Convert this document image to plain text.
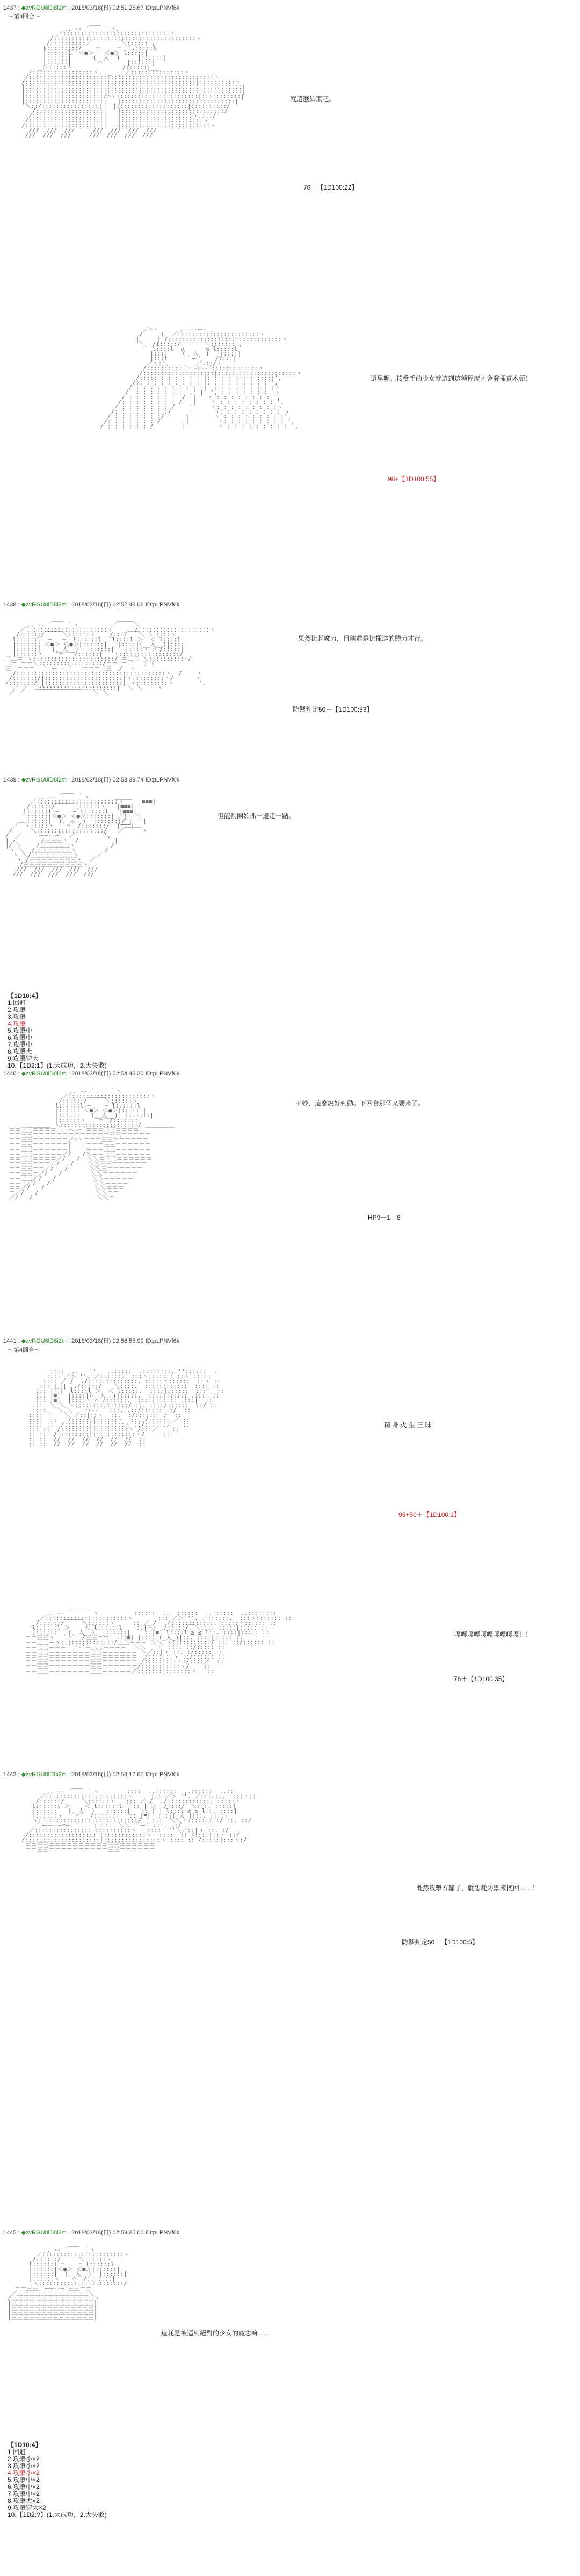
1437 : ◆zvRGU8lD8i2m : 2018/03/18(日) 02:51:26.67 ID:pLPNVf6k
〜第3回合〜

,. -‐ ´￣￣ ｀ヽ、
／::::::::::::::::::::::::::::::ヽ
/::::::::::::::::::::::::::::::::::::::::ヽ
/::::::::::／￣￣￣￣￣＼::::::',
l:::::::::/    ─     ─  ',:::::l
|::::::l  ＜●＞   ＜●＞ l:::::|
|::::::|      (__人__)     |::::::|
|::::::|      ｀⌒´      |::::::|
＿_|::::::ヽ              /::::::|__
/:::::::::::::::::ヽ.＿_＿_ ／:::::::::::::::ヽ
/::::::::::::::::::::::::::::::::::::::::::::::::::::ヽ
/::::::|:::::::::::::::::::::::::::::::::::::::::|::::::::::ヽ
|::::::|::::::::::::::::::::::::::::::::::::::::::|:::::::::::|
|::::::|::::::::::::::::::::::::::::::::::::::::::|:::::::::::|
|::::::|:::::::::::::::/⌒ヽ:::::::::::::::::::::::|:::::::::::|
|::::::|:::::::::::::::|   |::::::::::::::::::::|:::::::::::|
＼::/::::::::::::::::|   |::::::::::::::::::::|::::::::::/
/:::::::::::::::::::|   |::::::::::::::::::::|::::::::/
/::::::::::::::::::::|   |::::::::::::::::::::ヽ::::/
/:::::::::::::::::::::|   |:::::::::::::::::::::::ヽ
/::::::::::::::::::::::|   |:::::::::::::::::::::::::ヽ
///  ///  ///     ///  ///  ///  ///
///  ///  ///     ///  ///  ///  ///

就這麼結束吧。
76＋【1D100:22】

／⌒ヽ      ,. -‐ー- 、
/     l  ／:::::::::::::::::::::::ヽ
|     | /::::::::::::::::::::::::::::::::ヽ
＼  /l:::::/￣￣￣￣＼:::::::',
｀ l::::l  ≧      ≦ l:::::l
|:::|    (__人__)   |::::|
|:::l     ｀ー'    /::::|
／ヽ:＼        ／:::/ヽ
/::::::::::｀ー‐r‐‐´:::::::::::::ヽ
/::::::::::::::::::::|::::::::::::::::::::::ヽ
/::::: : : : : : : |: : : : : : : :::::',
/:: : : : : : : : : |: : : : : : : : : ',
/ : : : : : : : : :  |  : : : : : : : : :ヽ
/  : : : : : : :  ,' |  ', : : : : : : :  ヽ
/ : : : : : : :  /  |   ヽ : : : : : : : : ',
/: : : : : : : : /   |    ヽ : : : : : : : : ',
/ : : : : : : : /    |     ヽ: : : : : : : : :ヽ
/: : : : : : : :/     |      ヽ: : : : : : : : : ヽ
/ : : : : : : :/      |       ヽ : : : : : : : : :',
/: : : : : : : /       |        ヽ: : : : : : : : : ',
/ : : : : : : /        |         ヽ : : : : : : : : : ',

還早呢。接受手的少女就這到這種程度才會發揮真本領！
98+【1D100:55】
1438 : ◆zvRGU8lD8i2m : 2018/03/18(日) 02:52:49.06 ID:pLPNVf6k

,. -‐ ´￣￣ ｀ヽ         ／￣￣￣＼
／:::::::::::::::::::::::ヽ      /::::::::::::::::::::ヽ
/::::::/￣￣￣＼::::::ヽ    /:::/￣￣＼:::::::ヽ
l::::::l  ─   ─  l::::::l   l::::l ＞  ＜ l::::l
|::::::| ＜●＞ ＜●＞|::::::|   |::::|(__人__)|::::|
|::::::|   (__人__)  |::::::|   |::::ヽ ⌒ /:::::|
|::::::ヽ   ｀⌒´  /::::::|   ヽ:::::::::::::::::/
三二＝ ヽ:::::::::::::::::::::::/ ＝二三 ＼:::::::::::/
二＝ ＝＝＼::::::::::::::::::/＝＝ ＝二   ) (
三二＝＝＝  ｀ ー ‐ ´   ＝＝＝二三  /  ヽ
/::::::::::::::::::::::::::::::::::::::::::ヽ  /    ヽ
/:::::::/|::::::::::::::::::::::|ヽ:::::::::ヽ/      ヽ
/:::::::/ |::::::::::::::::::::::| ヽ:::::::::ヽ       ',
／ ／  |::::::::::::::::::::::|  ＼ ＼    ヽ
／ ／   ￣￣￣￣￣￣￣￣   ＼ ＼

果然比起魔力，目前還是比揮達的體力才行。
防禦判定50＋【1D100:53】
1439 : ◆zvRGU8lD8i2m : 2018/03/18(日) 02:53:39.74 ID:pLPNVf6k

,. -‐ ´￣￣ ｀ヽ       ＿＿＿
／:::::::::::::::::::::::ヽ    |≡≡≡|
/::::::/￣￣￣＼::::::ヽ   |≡≡≡|
l::::::l ─    ─ l::::::l   |≡≡≡|
|::::::|＜●＞ ＜●＞|::::::| ／|≡≡≡|
|::::::|  (__人__)  |::::::|/ |≡≡≡|
／￣ヽ:::::ヽ  ｀⌒´ /:::::::/  |≡≡≡|
/     ＼:::::::::::::::::::/   ／￣￣￣ヽ
/  ／   ｀ー─‐‐─´  ／        ',
| /       /三三三ヽ  /          |
|/ ＼    /三三三三三ヽ          /
ヽ ＼  /三三三三三三ヽ        /
ヽ ＼/三三三三三三三ヽ     ／
ヽ /三三三三三三三三ヽ  ／
/三三三三三三三三三三ヽ
///  ///  ///  ///  ///
///  ///  ///  ///  ///

但能夠開始抓一邊走一點。
【1D10:4】
1.回避
2.攻擊
3.攻擊
4.攻擊
5.攻擊中
6.攻擊中
7.攻擊中
8.攻擊大
9.攻擊特大
10.【1D2:1】(1.大成功，2.大失敗)
1440 : ◆zvRGU8lD8i2m : 2018/03/18(日) 02:54:48.30 ID:pLPNVf6k

,. -‐ ´￣￣ ｀ヽ
／:::::::::::::::::::::::ヽ
/::::::/￣￣￣＼::::::ヽ
l::::::l ─    ─ l::::::l
|::::::|＜●＞ ＜●＞|::::::|
|::::::|  (__人__)  |::::::|
|::::::ヽ  ｀⌒´ /:::::::|
＿＿＿＿ ヽ::::::::::::::::::::::/ ＿＿＿＿＿
＝＝三三＝＝＝＝｀ー─‐‐─´＝＝＝三三＝＝＝＝
＝＝三三＝＝＝＝＝＝＝＝＝＝＝＝＝三三＝＝＝＝＝
＝＝三三＝＝＝＝＝＝／⌒ヽ＝＝＝三三＝＝＝＝＝＝
＝＝三三＝＝＝＝＝＝|   |＝＝＝三三＝＝＝＝＝＝
＝＝三三＝＝＝＝＝＝|   |＝＝＝三三＝＝＝＝＝＝
＝＝三三＝＝＝＝＝／/   /＼＝＝三三＝＝＝＝＝＝
＝＝三三＝＝＝＝／/   /  ＼＼＝三三＝＝＝＝＝＝
＝＝三三＝＝＝／/   /    ＼＼三三＝＝＝＝＝＝
＝＝三三＝＝／/   /      ＼＼三＝＝＝＝＝＝
＝＝三三＝／/   /        ＼＼＝＝＝＝＝＝
＝＝三三／/   /          ＼＼＝＝＝＝＝
＝＝三／/   /            ＼＼＝＝＝＝
＝＝／/   /              ＼＼＝＝＝
＝／/   /                ＼＼＝＝
／/   /                  ＼＼＝

不妙，這麼說好到動。下回合那個又要來了。
HP9－1＝8
1441 : ◆zvRGU8lD8i2m : 2018/03/18(日) 02:56:55.99 ID:pLPNVf6k
〜第4回合〜

::::  ..   ''   ..:::::  .::::::::. ''::::::  ..
:::: ／＞ ''. ／::::::.  :::ヽ::::::: ::ヽ :::::
:::: ／ /  ./::::::::::::::. :::::ヽ::::::  ::ヽ ::
::: |三| ../:::::/￣￣＼::::.  :::::|::::::  :::| ::
::: |三|  l::::l ＞  ＜ l:::::.  ::::|::::::  :::|  ::
::: |≡|  |::::|(__人__)|:::::.  ::::|:::::: .:::| ::
::: |≡|  |::::ヽ ⌒ /::::::.  ::::|:::::: .:::|  ::
:::  ＼ ＼ ヽ:::::::::::::::/ ::. ::::/::::::  ::/ ::
::::   ＼ ＼ ｀ーr-‐ ´ :::. .::/:::::: .:/  ::
:::: ''   ＼ ／::|::ヽ  ::.  :/::::::  /  ::
::::  ::   /::::::|::::::ヽ  ::../:::::: ／ ::
:::: ::  /:::::::|:::::::::ヽ ::/::::::／   ::
::: ::  /::::::::|::::::::::ヽ /:::／    ::
:: ::  /:::::::::|::::::::::::ヽ/     ::
:: ::  //  //  //  //  //  //  ::
:: ::  //  //  //  //  //  //  ::

精 身 火 生 三 昧！
93+50＋【1D100:1】

,. -‐ ´￣￣ ｀ヽ          ::::::  ..  ::::::  ..::::::  ..::::::::
／:::::::::::::::::::::::ヽ       ::: ／＞ ''. ／::::::.  :::ヽ::::::: ::
/::::::/￣￣￣＼::::::ヽ     :: ／ /  ./::::::::::::. :::::ヽ:::::: ::
l::::::l ＞    ＜ l::::::l    ::|三| ./:::::/￣＼:::. :::::|::::: ::
|::::::|  (__人__)  |::::::|    ::|≡| l::::l ≧ ≦ l::. ::::|::::: ::
＝＝三三ヽ  ｀⌒´  /三三＝＝  ::|≡| |::::|(_人_)|::. ::::|::::: ::
＝＝三三＝ヽ:::::::::::::::/三三＝＝＝ ＼＼ ヽ:::::::::::/ ::. ::/:::::: ::
＝＝三三＝＝＝｀ー‐´＝三三＝＝＝＝  ＼＼ ｀ー´ :::. .:/::::: ::
＝＝三三＝＝＝＝＝＝＝三三＝＝＝＝＝＝ ＼／::|ヽ ::. :/::::: ::
＝＝三三＝＝＝＝＝＝＝三三＝＝＝＝＝＝  /::::|::ヽ ::/:::::: ::
＝＝三三＝＝＝＝＝＝＝三三＝＝＝＝＝＝ /:::::|:::ヽ:/::::／  ::
＝＝三三＝＝＝＝＝＝＝三三＝＝＝＝＝＝/::::::|::::ヽ/    ::
＝＝三三＝＝＝＝＝＝＝三三＝＝＝＝＝／:::::::|:::::::ヽ   ::

嘎嘎嘎嘎嘎嘎嘎嘎嘎嘎！！
76＋【1D100:35】
1443 : ◆zvRGU8lD8i2m : 2018/03/18(日) 02:58:17.60 ID:pLPNVf6k

,. -‐ ´￣￣ ｀ヽ        ::::  ..::::::  ..::::::  ..::
／:::::::::::::::::::::::ヽ     ::: ／＞ ''. ／::::::.  :::ヽ::
/::::::/￣￣￣＼::::::ヽ   ::: ／ /  ./::::::::::::. :::::ヽ
l::::::l ＞    ＜ l::::::l   :: |三| ./::::/￣＼:::. :::::|
|::::::|  (__人__)  |::::::|   :: |≡| l:::l ≧ ≦ l::. ::::|
|::::::ヽ  ｀⌒´  /::::::|   :: |≡| |:::|(_人_)|::. ::::|
ヽ::::::::::::::::::::::::::::/   :::  ＼＼ヽ:::::::::/ ::. ::/
｀ー─‐‐─r─‐ ´    ::::   ＼＼ ｀ー´ :::. .:/
／::::::::::::::::|::::::::::ヽ   ::::  ''＼／::|ヽ ::. :/
/:::::::::::::::::::|:::::::::::::ヽ  ::::  :: /::::|::ヽ ::/
/:::::::::::::::::::::|::::::::::::::::ヽ :::: :: /:::::|:::ヽ:/
＝＝三三＝＝＝＝＝＝＝＝＝＝三三＝＝＝＝＝＝
＝＝三三＝＝＝＝＝＝＝＝＝＝三三＝＝＝＝＝＝

既然攻擊方輸了，就想耗防禦來挽回……！
防禦判定50＋【1D100:5】
1445 : ◆zvRGU8lD8i2m : 2018/03/18(日) 02:59:25.00 ID:pLPNVf6k

,. -‐ ´￣￣ ｀ヽ
／:::::::::::::::::::::::ヽ
/::::::/￣￣￣＼::::::ヽ
l::::::l ─    ─ l::::::l
|::::::|＜●＞ ＜●＞|::::::|
|::::::|  (__人__)  |::::::|
|::::::ヽ  ｀⌒´ /:::::::|
ヽ::::::::::::::::::::::::/
＝＝三三｀ー─‐‐─´三三＝＝
／三三三三三三三三三三三三＼
/三三三三三三三三三三三三三三ヽ
|三三三三三三三三三三三三三三|
|三三三三三三三三三三三三三三|
|三三三三三三三三三三三三三三|
|三三三三三三三三三三三三三三|

這耗是被逼到絕對的少女的魔志嘛……
【1D10:4】
1.回避
2.攻擊小×2
3.攻擊小×2
4.攻擊小×2
5.攻擊中×2
6.攻擊中×2
7.攻擊中×2
8.攻擊大×2
9.攻擊特大×2
10.【1D2:?】(1.大成功，2.大失敗)
